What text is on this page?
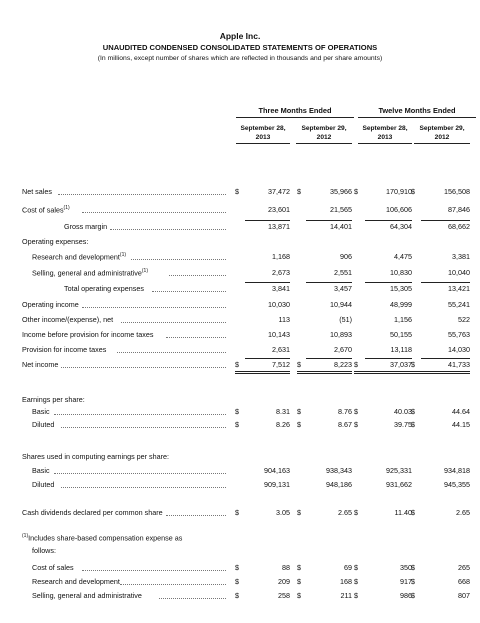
Apple Inc.
UNAUDITED CONDENSED CONSOLIDATED STATEMENTS OF OPERATIONS
(In millions, except number of shares which are reflected in thousands and per share amounts)
Three Months Ended	Twelve Months Ended
September 28,
2013
September 29,
2012
September 28,
2013
September 29,
2012
Net sales	$	37,472 $	35,966 $	170,910 $	156,508
Cost of sales$^{(1)}$	23,601	21,565	106,606	87,846
Gross margin	13,871	14,401	64,304	68,662
Operating expenses:
Research and development$^{(1)}$	1,168	906	4,475	3,381
Selling, general and administrative$^{(1)}$	2,673	2,551	10,830	10,040
Total operating expenses	3,841	3,457	15,305	13,421
Operating income	10,030	10,944	48,999	55,241
Other income/(expense), net	113	(51)	1,156	522
Income before provision for income taxes	10,143	10,893	50,155	55,763
Provision for income taxes	2,631	2,670	13,118	14,030
Net income	$	7,512 $	8,223 $	37,037 $	41,733
Earnings per share:
Basic	$	8.31 $	8.76 $	40.03 $	44.64
Diluted	$	8.26 $	8.67 $	39.75 $	44.15
Shares used in computing earnings per share:
Basic	904,163	938,343	925,331	934,818
Diluted	909,131	948,186	931,662	945,355
Cash dividends declared per common share	$	3.05 $	2.65 $	11.40 $	2.65
$^{(1)}$Includes share-based compensation expense as
follows:
Cost of sales	$	88 $	69 $	350 $	265
Research and development	$	209 $	168 $	917 $	668
Selling, general and administrative	$	258 $	211 $	986 $	807
